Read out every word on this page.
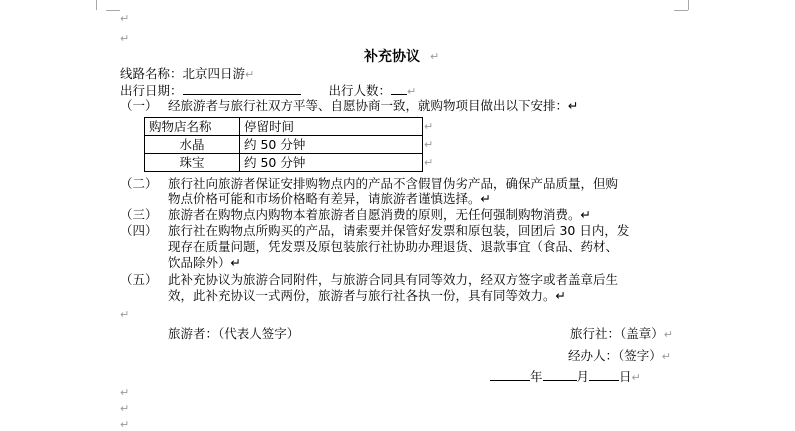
↵
↵
补充协议 ↵
线路名称：北京四日游↵
出行日期：	出行人数： ↵
（一） 经旅游者与旅行社双方平等、自愿协商一致，就购物项目做出以下安排：↵
购物店名称	停留时间
水晶	约 50 分钟
珠宝	约 50 分钟
↵
↵
↵
（二） 旅行社向旅游者保证安排购物点内的产品不含假冒伪劣产品，确保产品质量，但购
物点价格可能和市场价格略有差异，请旅游者谨慎选择。↵
（三） 旅游者在购物点内购物本着旅游者自愿消费的原则，无任何强制购物消费。↵
（四） 旅行社在购物点所购买的产品，请索要并保管好发票和原包装，回团后 30 日内，发
现存在质量问题，凭发票及原包装旅行社协助办理退货、退款事宜（食品、药材、
饮品除外）↵
（五） 此补充协议为旅游合同附件，与旅游合同具有同等效力，经双方签字或者盖章后生
效，此补充协议一式两份，旅游者与旅行社各执一份，具有同等效力。↵
↵
旅游者：（代表人签字）	旅行社：（盖章）↵
经办人：（签字）↵
年	月 日↵
↵
↵
↵
